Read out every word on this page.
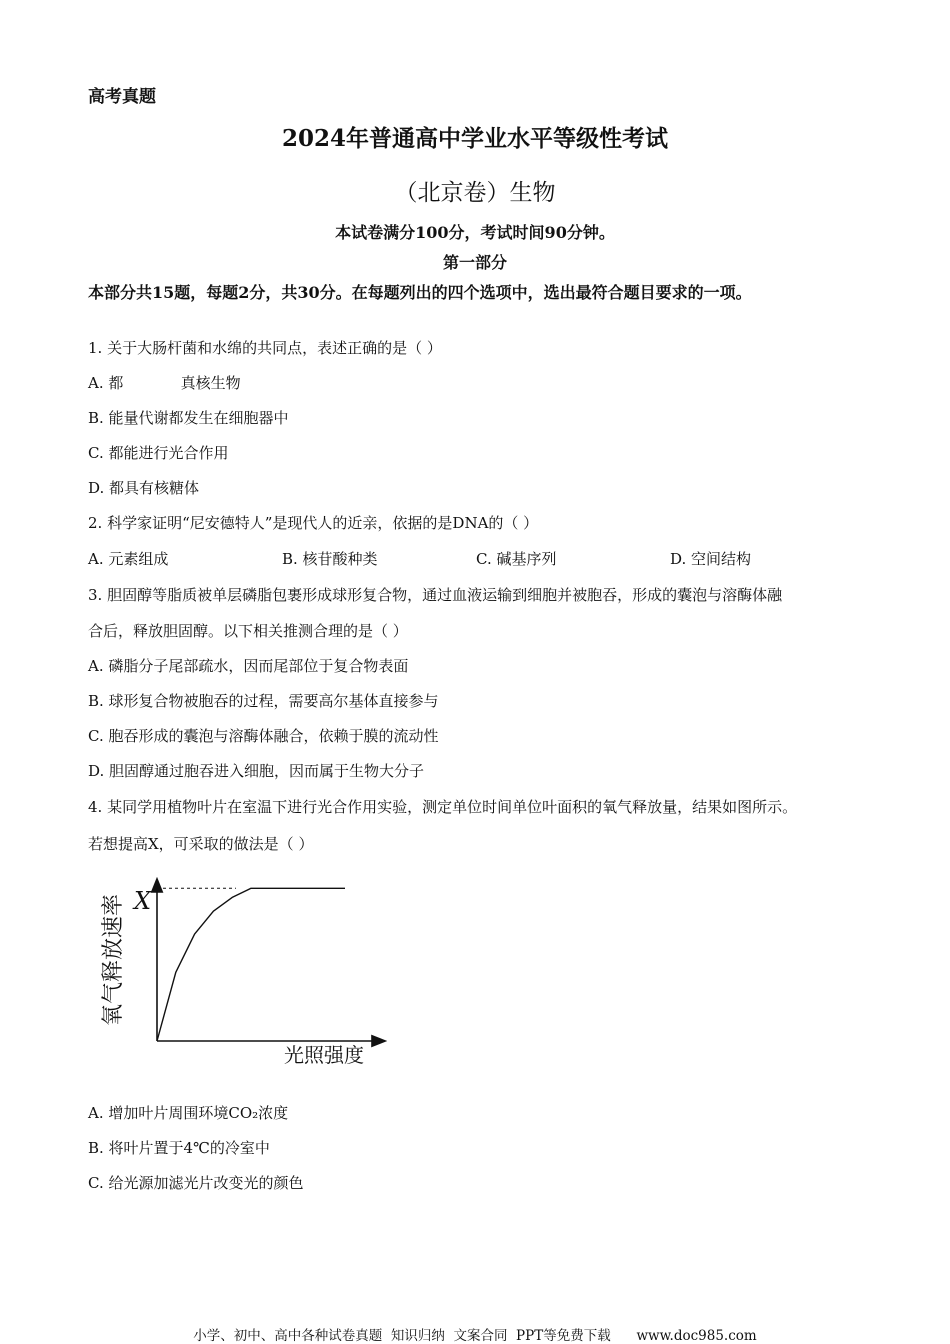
高考真题
2024年普通高中学业水平等级性考试
（北京卷）生物
本试卷满分100分，考试时间90分钟。
第一部分
本部分共15题，每题2分，共30分。在每题列出的四个选项中，选出最符合题目要求的一项。
1. 关于大肠杆菌和水绵的共同点，表述正确的是（ ）
A. 都            真核生物
B. 能量代谢都发生在细胞器中
C. 都能进行光合作用
D. 都具有核糖体
2. 科学家证明“尼安德特人”是现代人的近亲，依据的是DNA的（ ）
A. 元素组成	B. 核苷酸种类	C. 碱基序列	D. 空间结构
3. 胆固醇等脂质被单层磷脂包裹形成球形复合物，通过血液运输到细胞并被胞吞，形成的囊泡与溶酶体融
合后，释放胆固醇。以下相关推测合理的是（ ）
A. 磷脂分子尾部疏水，因而尾部位于复合物表面
B. 球形复合物被胞吞的过程，需要高尔基体直接参与
C. 胞吞形成的囊泡与溶酶体融合，依赖于膜的流动性
D. 胆固醇通过胞吞进入细胞，因而属于生物大分子
4. 某同学用植物叶片在室温下进行光合作用实验，测定单位时间单位叶面积的氧气释放量，结果如图所示。
若想提高X，可采取的做法是（ ）
X
氧气释放速率
光照强度
A. 增加叶片周围环境CO₂浓度
B. 将叶片置于4℃的冷室中
C. 给光源加滤光片改变光的颜色
小学、初中、高中各种试卷真题  知识归纳  文案合同  PPT等免费下载      www.doc985.com
